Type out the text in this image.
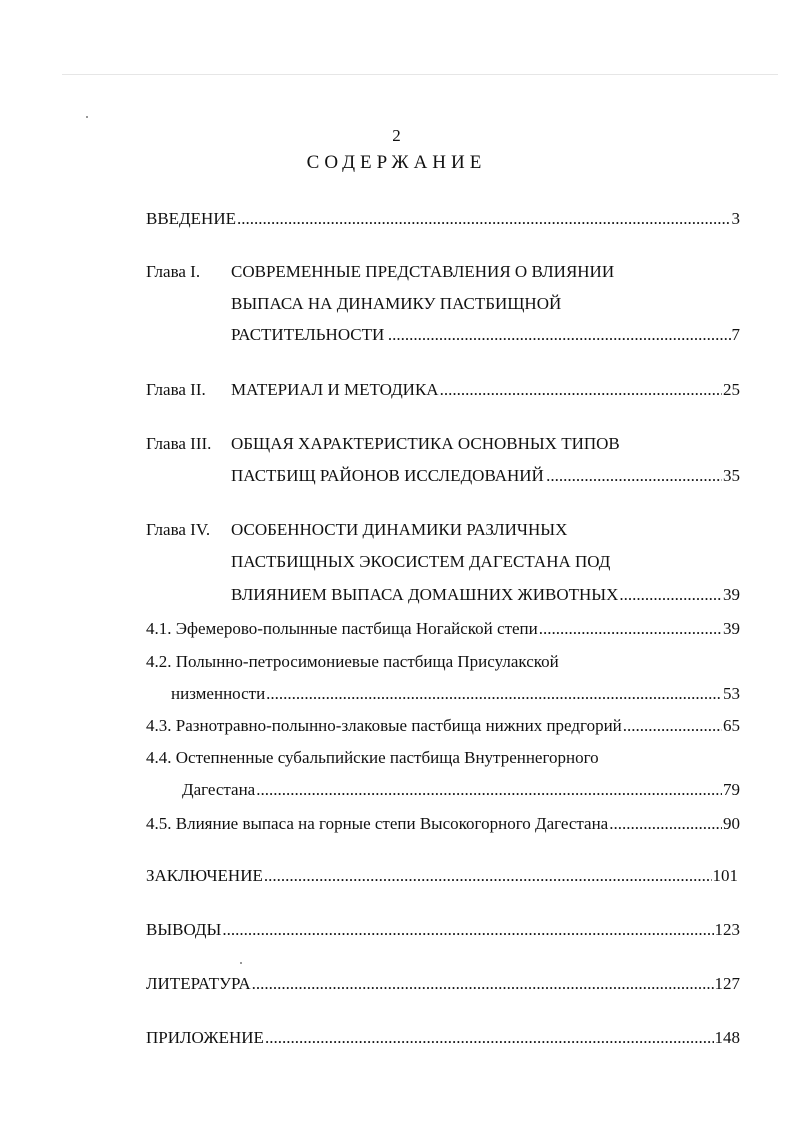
2
СОДЕРЖАНИЕ
ВВЕДЕНИЕ .....	3
Глава I. СОВРЕМЕННЫЕ ПРЕДСТАВЛЕНИЯ О ВЛИЯНИИ
ВЫПАСА НА ДИНАМИКУ ПАСТБИЩНОЙ
РАСТИТЕЛЬНОСТИ .....	7
Глава II. МАТЕРИАЛ И МЕТОДИКА .....	25
Глава III. ОБЩАЯ ХАРАКТЕРИСТИКА ОСНОВНЫХ ТИПОВ
ПАСТБИЩ РАЙОНОВ ИССЛЕДОВАНИЙ .....	35
Глава IV. ОСОБЕННОСТИ ДИНАМИКИ РАЗЛИЧНЫХ
ПАСТБИЩНЫХ ЭКОСИСТЕМ ДАГЕСТАНА ПОД
ВЛИЯНИЕМ ВЫПАСА ДОМАШНИХ ЖИВОТНЫХ .....	39
4.1. Эфемерово-полынные пастбища Ногайской степи .....	39
4.2. Полынно-петросимониевые пастбища Присулакской
низменности .....	53
4.3. Разнотравно-полынно-злаковые пастбища нижних предгорий .....	65
4.4. Остепненные субальпийские пастбища Внутреннегорного
Дагестана .....	79
4.5. Влияние выпаса на горные степи Высокогорного Дагестана .....	90
ЗАКЛЮЧЕНИЕ .....	101
ВЫВОДЫ .....	123
ЛИТЕРАТУРА .....	127
ПРИЛОЖЕНИЕ .....	148
